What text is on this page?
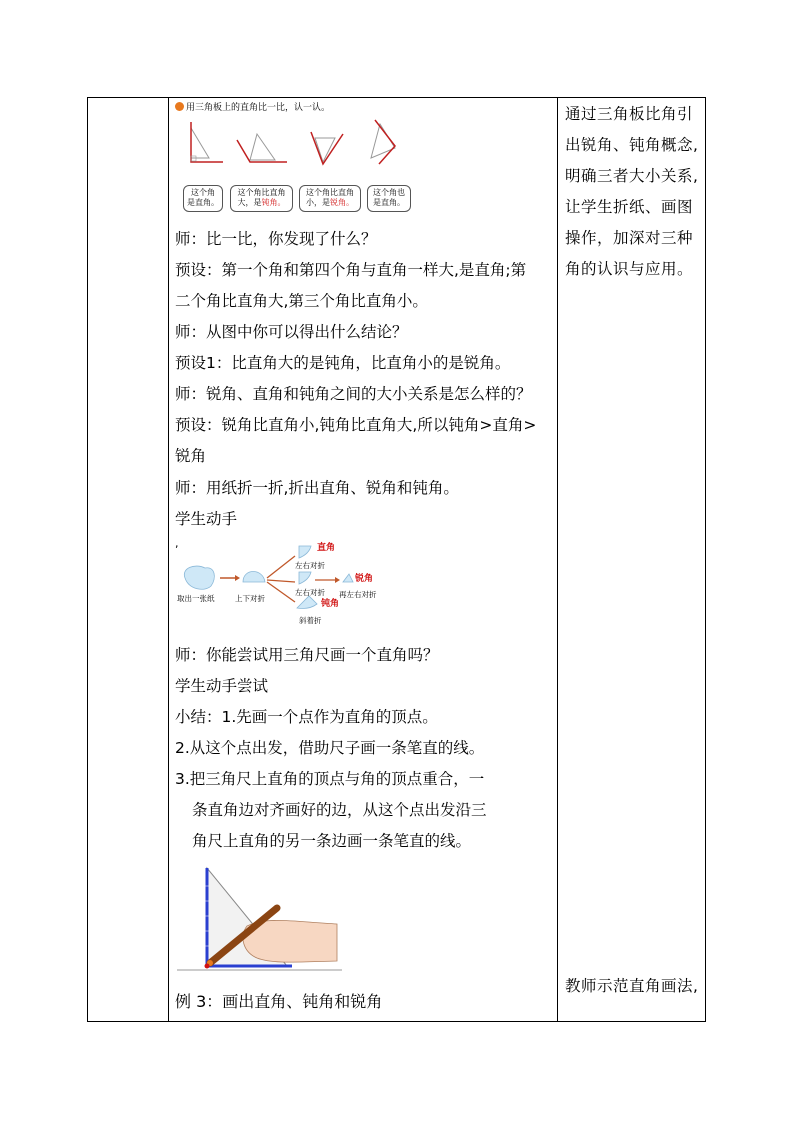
用三角板上的直角比一比，认一认。
这个角
是直角。
这个角比直角
大，是钝角。
这个角比直角
小，是锐角。
这个角也
是直角。
师：比一比，你发现了什么？
预设：第一个角和第四个角与直角一样大,是直角;第
二个角比直角大,第三个角比直角小。
师：从图中你可以得出什么结论？
预设1：比直角大的是钝角，比直角小的是锐角。
师：锐角、直角和钝角之间的大小关系是怎么样的？
预设：锐角比直角小,钝角比直角大,所以钝角>直角>
锐角
师：用纸折一折,折出直角、锐角和钝角。
学生动手
,
取出一张纸	上下对折
左右对折
直角
左右对折 再左右对折
锐角
钝角
斜着折
师：你能尝试用三角尺画一个直角吗？
学生动手尝试
小结：1.先画一个点作为直角的顶点。
2.从这个点出发，借助尺子画一条笔直的线。
3.把三角尺上直角的顶点与角的顶点重合，一
条直角边对齐画好的边，从这个点出发沿三
角尺上直角的另一条边画一条笔直的线。
例 3：画出直角、钝角和锐角
通过三角板比角引
出锐角、钝角概念,
明确三者大小关系,
让学生折纸、画图
操作，加深对三种
角的认识与应用。
教师示范直角画法,
